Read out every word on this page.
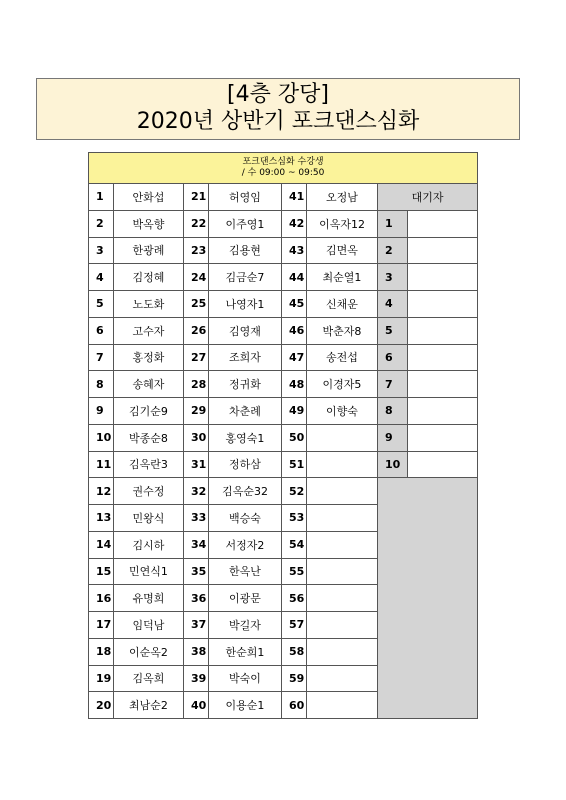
[4층 강당]
2020년 상반기 포크댄스심화
포크댄스심화 수강생
/ 수 09:00 ~ 09:50							

1	안화섭	21	허영임	41	오정남	대기자	
2	박옥향	22	이주영1	42	이옥자12	1	
3	한광례	23	김용현	43	김면옥	2	
4	김정혜	24	김금순7	44	최순열1	3	
5	노도화	25	나영자1	45	신채운	4	
6	고수자	26	김영재	46	박춘자8	5	
7	홍정화	27	조희자	47	송전섭	6	
8	송혜자	28	정귀화	48	이경자5	7	
9	김기순9	29	차춘례	49	이향숙	8	
10	박종순8	30	홍영숙1	50		9	
11	김옥란3	31	정하삼	51		10	
12	권수정	32	김옥순32	52			
13	민왕식	33	백승숙	53			
14	김시하	34	서정자2	54			
15	민연식1	35	한옥난	55			
16	유명희	36	이광문	56			
17	임덕남	37	박길자	57			
18	이순옥2	38	한순희1	58			
19	김옥희	39	박숙이	59			
20	최남순2	40	이용순1	60			
